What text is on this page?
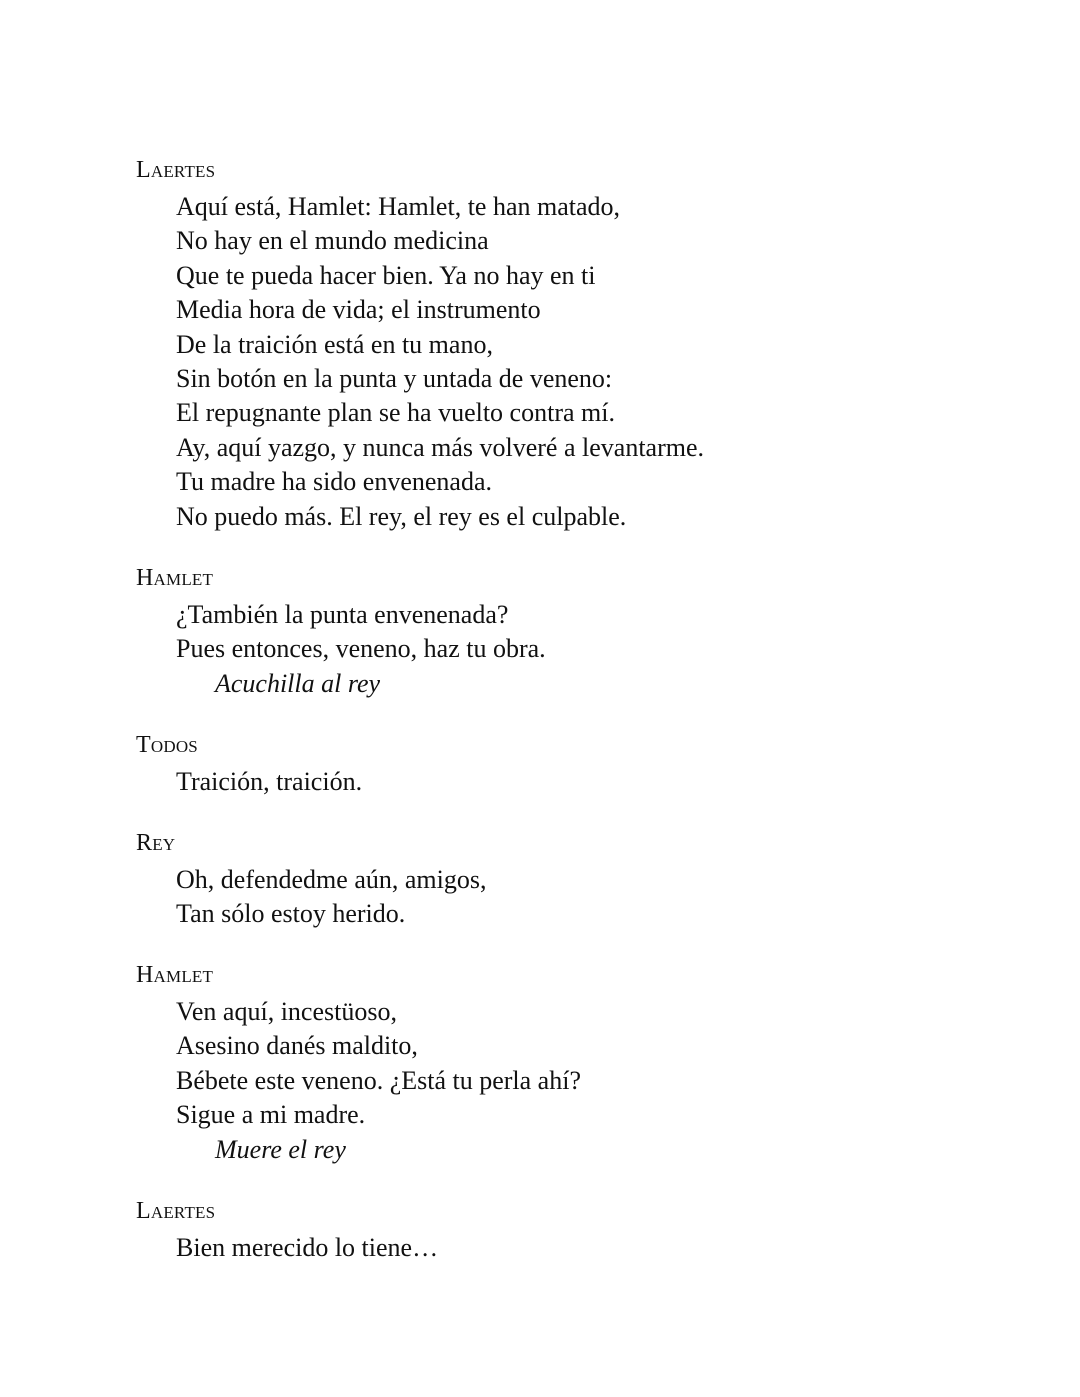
Laertes
Aquí está, Hamlet: Hamlet, te han matado,
No hay en el mundo medicina
Que te pueda hacer bien. Ya no hay en ti
Media hora de vida; el instrumento
De la traición está en tu mano,
Sin botón en la punta y untada de veneno:
El repugnante plan se ha vuelto contra mí.
Ay, aquí yazgo, y nunca más volveré a levantarme.
Tu madre ha sido envenenada.
No puedo más. El rey, el rey es el culpable.
Hamlet
¿También la punta envenenada?
Pues entonces, veneno, haz tu obra.
Acuchilla al rey
Todos
Traición, traición.
Rey
Oh, defendedme aún, amigos,
Tan sólo estoy herido.
Hamlet
Ven aquí, incestüoso,
Asesino danés maldito,
Bébete este veneno. ¿Está tu perla ahí?
Sigue a mi madre.
Muere el rey
Laertes
Bien merecido lo tiene…
